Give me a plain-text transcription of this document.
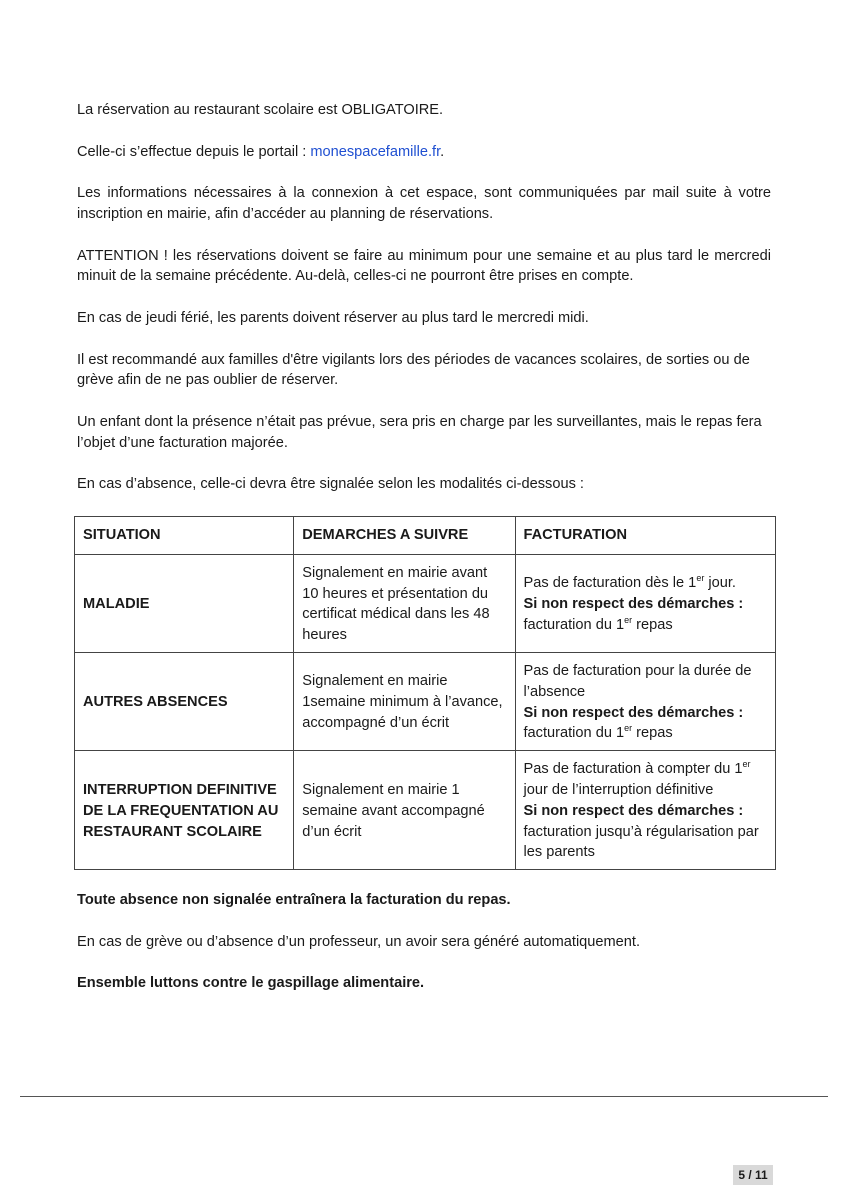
La réservation au restaurant scolaire est OBLIGATOIRE.

Celle-ci s’effectue depuis le portail : monespacefamille.fr.

Les informations nécessaires à la connexion à cet espace, sont communiquées par mail suite à votre inscription en mairie, afin d’accéder au planning de réservations.

ATTENTION ! les réservations doivent se faire au minimum pour une semaine et au plus tard le mercredi minuit de la semaine précédente. Au-delà, celles-ci ne pourront être prises en compte.

En cas de jeudi férié, les parents doivent réserver au plus tard le mercredi midi.

Il est recommandé aux familles d'être vigilants lors des périodes de vacances scolaires, de sorties ou de grève afin de ne pas oublier de réserver.

Un enfant dont la présence n’était pas prévue, sera pris en charge par les surveillantes, mais le repas fera l’objet d’une facturation majorée.

En cas d’absence, celle-ci devra être signalée selon les modalités ci-dessous :

SITUATION	DEMARCHES A SUIVRE	FACTURATION
MALADIE	Signalement en mairie avant 10 heures et présentation du certificat médical dans les 48 heures	Pas de facturation dès le 1er jour.
Si non respect des démarches :
facturation du 1er repas

AUTRES ABSENCES	Signalement en mairie 1semaine minimum à l’avance, accompagné d’un écrit	Pas de facturation pour la durée de l’absence
Si non respect des démarches :
facturation du 1er repas

INTERRUPTION DEFINITIVE DE LA FREQUENTATION AU RESTAURANT SCOLAIRE	Signalement en mairie 1 semaine avant accompagné d’un écrit	Pas de facturation à compter du 1er jour de l’interruption définitive
Si non respect des démarches :
facturation jusqu’à régularisation par les parents

Toute absence non signalée entraînera la facturation du repas.

En cas de grève ou d’absence d’un professeur, un avoir sera généré automatiquement.

Ensemble luttons contre le gaspillage alimentaire.

5 / 11
